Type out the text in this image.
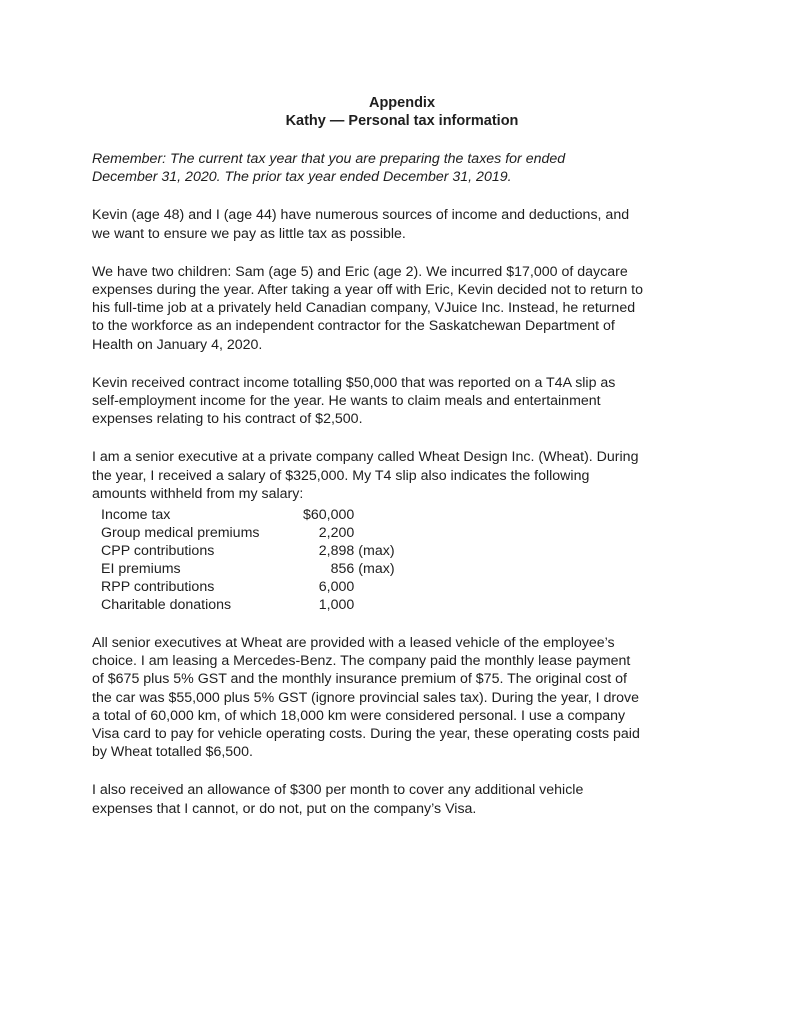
Appendix

Kathy — Personal tax information

Remember: The current tax year that you are preparing the taxes for ended
December 31, 2020. The prior tax year ended December 31, 2019.

Kevin (age 48) and I (age 44) have numerous sources of income and deductions, and
we want to ensure we pay as little tax as possible.

We have two children: Sam (age 5) and Eric (age 2). We incurred $17,000 of daycare
expenses during the year. After taking a year off with Eric, Kevin decided not to return to
his full-time job at a privately held Canadian company, VJuice Inc. Instead, he returned
to the workforce as an independent contractor for the Saskatchewan Department of
Health on January 4, 2020.

Kevin received contract income totalling $50,000 that was reported on a T4A slip as
self-employment income for the year. He wants to claim meals and entertainment
expenses relating to his contract of $2,500.

I am a senior executive at a private company called Wheat Design Inc. (Wheat). During
the year, I received a salary of $325,000. My T4 slip also indicates the following
amounts withheld from my salary:

Income tax	$60,000	
Group medical premiums	2,200	
CPP contributions	2,898	(max)
EI premiums	856	(max)
RPP contributions	6,000	
Charitable donations	1,000	

All senior executives at Wheat are provided with a leased vehicle of the employee’s
choice. I am leasing a Mercedes-Benz. The company paid the monthly lease payment
of $675 plus 5% GST and the monthly insurance premium of $75. The original cost of
the car was $55,000 plus 5% GST (ignore provincial sales tax). During the year, I drove
a total of 60,000 km, of which 18,000 km were considered personal. I use a company
Visa card to pay for vehicle operating costs. During the year, these operating costs paid
by Wheat totalled $6,500.

I also received an allowance of $300 per month to cover any additional vehicle
expenses that I cannot, or do not, put on the company’s Visa.
